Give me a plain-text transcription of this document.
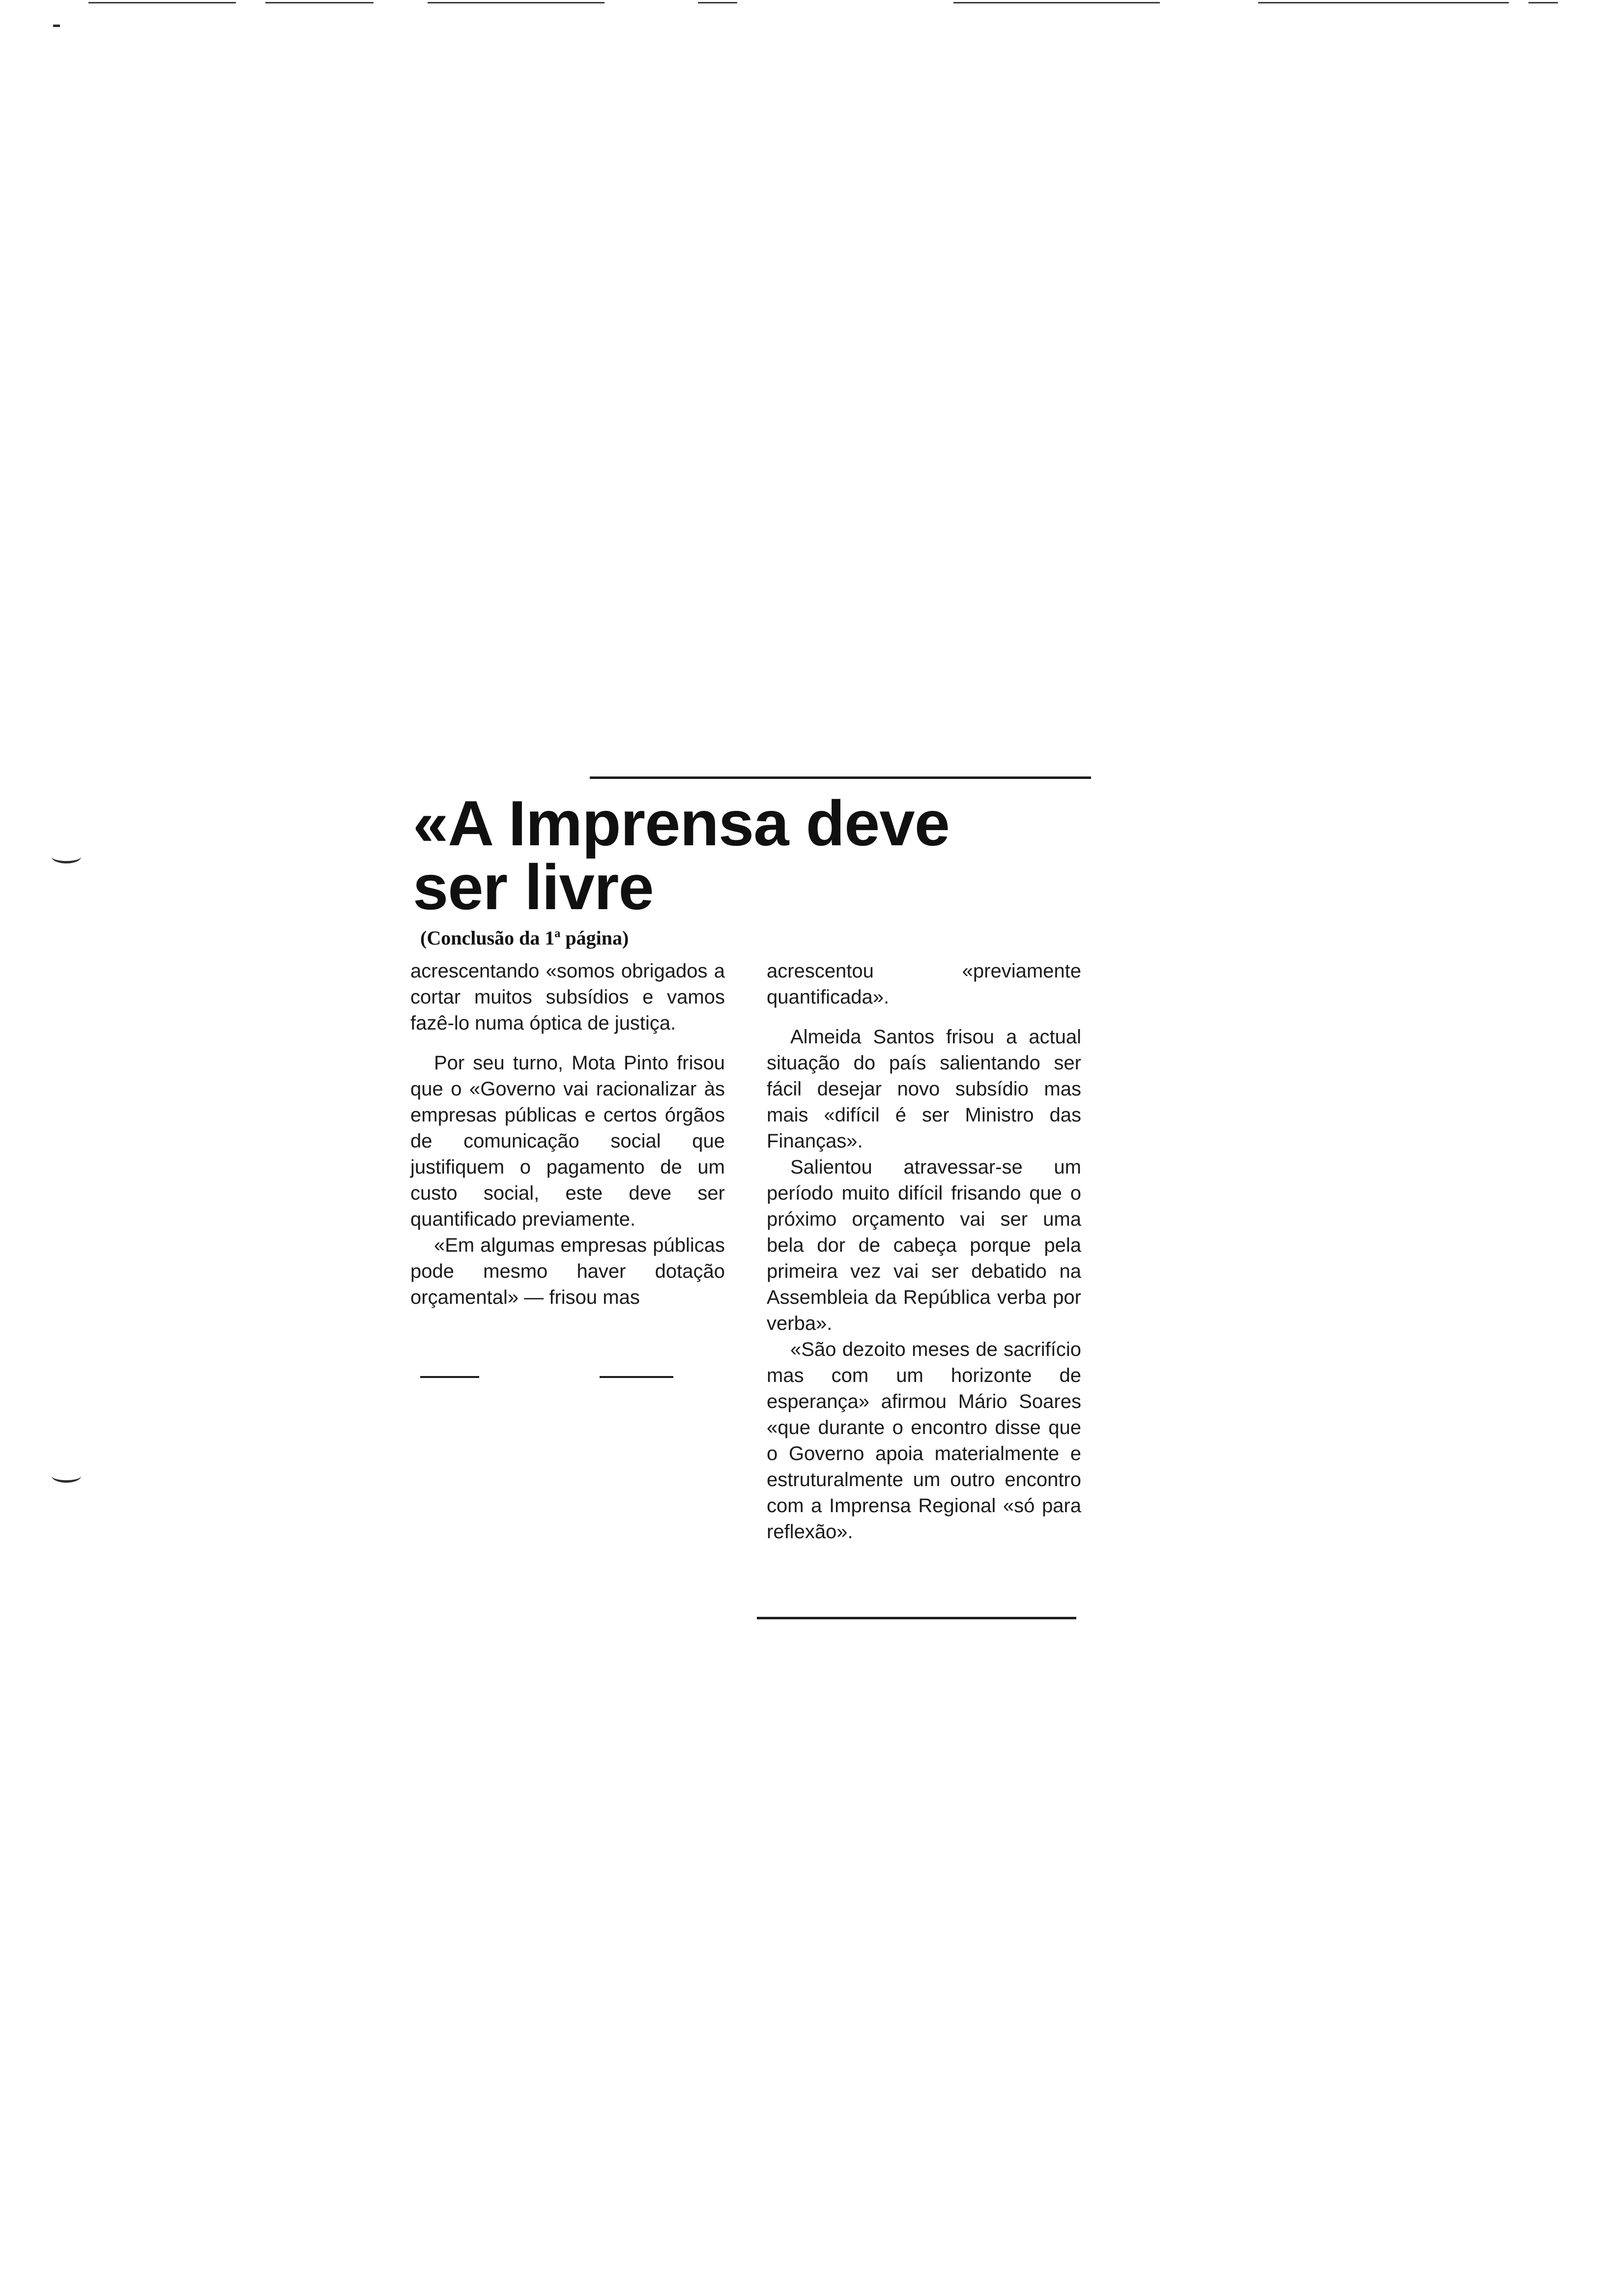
«A Imprensa deve
ser livre

(Conclusão da 1ª página)

acrescentando «somos obrigados a cortar muitos subsídios e vamos fazê-lo numa óptica de justiça.

Por seu turno, Mota Pinto frisou que o «Governo vai racionalizar às empresas públicas e certos órgãos de comunicação social que justifiquem o pagamento de um custo social, este deve ser quantificado previamente.

«Em algumas empresas públicas pode mesmo haver dotação orçamental» — frisou mas

acrescentou «previamente quantificada».

Almeida Santos frisou a actual situação do país salientando ser fácil desejar novo subsídio mas mais «difícil é ser Ministro das Finanças».

Salientou atravessar-se um período muito difícil frisando que o próximo orçamento vai ser uma bela dor de cabeça porque pela primeira vez vai ser debatido na Assembleia da República verba por verba».

«São dezoito meses de sacrifício mas com um horizonte de esperança» afirmou Mário Soares «que durante o encontro disse que o Governo apoia materialmente e estruturalmente um outro encontro com a Imprensa Regional «só para reflexão».
